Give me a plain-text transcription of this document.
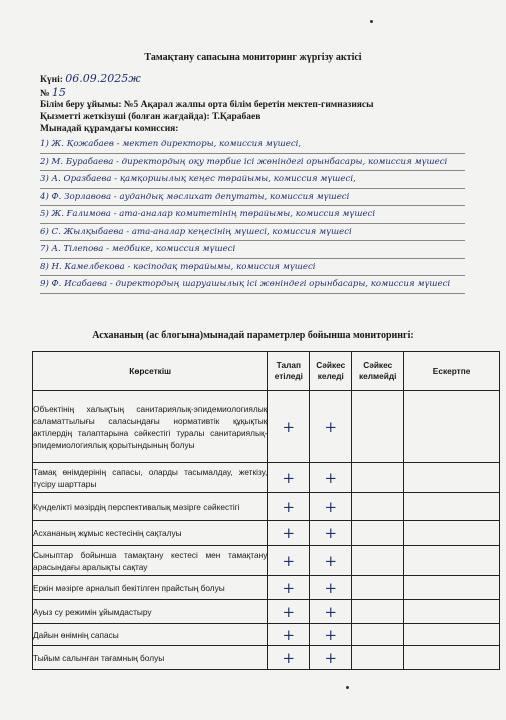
Тамақтану сапасына мониторинг жүргізу актісі
Күні: 06.09.2025ж
№ 15
Білім беру ұйымы: №5 Ақарал жалпы орта білім беретін мектеп-гимназиясы
Қызметті жеткізуші (болған жағдайда): Т.Қарабаев
Мынадай құрамдағы комиссия:
1) Ж. Қожабаев - мектеп директоры, комиссия мүшесі,
2) М. Бурабаева - директордың оқу тәрбие ісі жөніндегі орынбасары, комиссия мүшесі
3) А. Оразбаева - қамқоршылық кеңес төрайымы, комиссия мүшесі,
4) Ф. Зорлавова - аудандық мәслихат депутаты, комиссия мүшесі
5) Ж. Ғалимова - ата-аналар комитетінің төрайымы, комиссия мүшесі
6) С. Жылқыбаева - ата-аналар кеңесінің мүшесі, комиссия мүшесі
7) А. Тілепова - медбике, комиссия мүшесі
8) Н. Камелбекова - кәсіподақ төрайымы, комиссия мүшесі
9) Ф. Исабаева - директордың шаруашылық ісі жөніндегі орынбасары, комиссия мүшесі
Асхананың (ас блогына)мынадай параметрлер бойынша мониторингі:
Көрсеткіш	Талап етіледі	Сәйкес келеді	Сәйкес келмейді	Ескертпе
Объектінің халықтың санитариялық-эпидемиологиялық саламаттылығы саласындағы нормативтік құқықтық актілердің талаптарына сәйкестігі туралы санитариялық-эпидемиологиялық қорытындының болуы	+	+		
Тамақ өнімдерінің сапасы, оларды тасымалдау, жеткізу, түсіру шарттары	+	+		
Күнделікті мәзірдің перспективалық мәзірге сәйкестігі	+	+		
Асхананың жұмыс кестесінің сақталуы	+	+		
Сыныптар бойынша тамақтану кестесі мен тамақтану арасындағы аралықты сақтау	+	+		
Еркін мәзірге арналып бекітілген прайстың болуы	+	+		
Ауыз су режимін ұйымдастыру	+	+		
Дайын өнімнің сапасы	+	+		
Тыйым салынған тағамның болуы	+	+		
